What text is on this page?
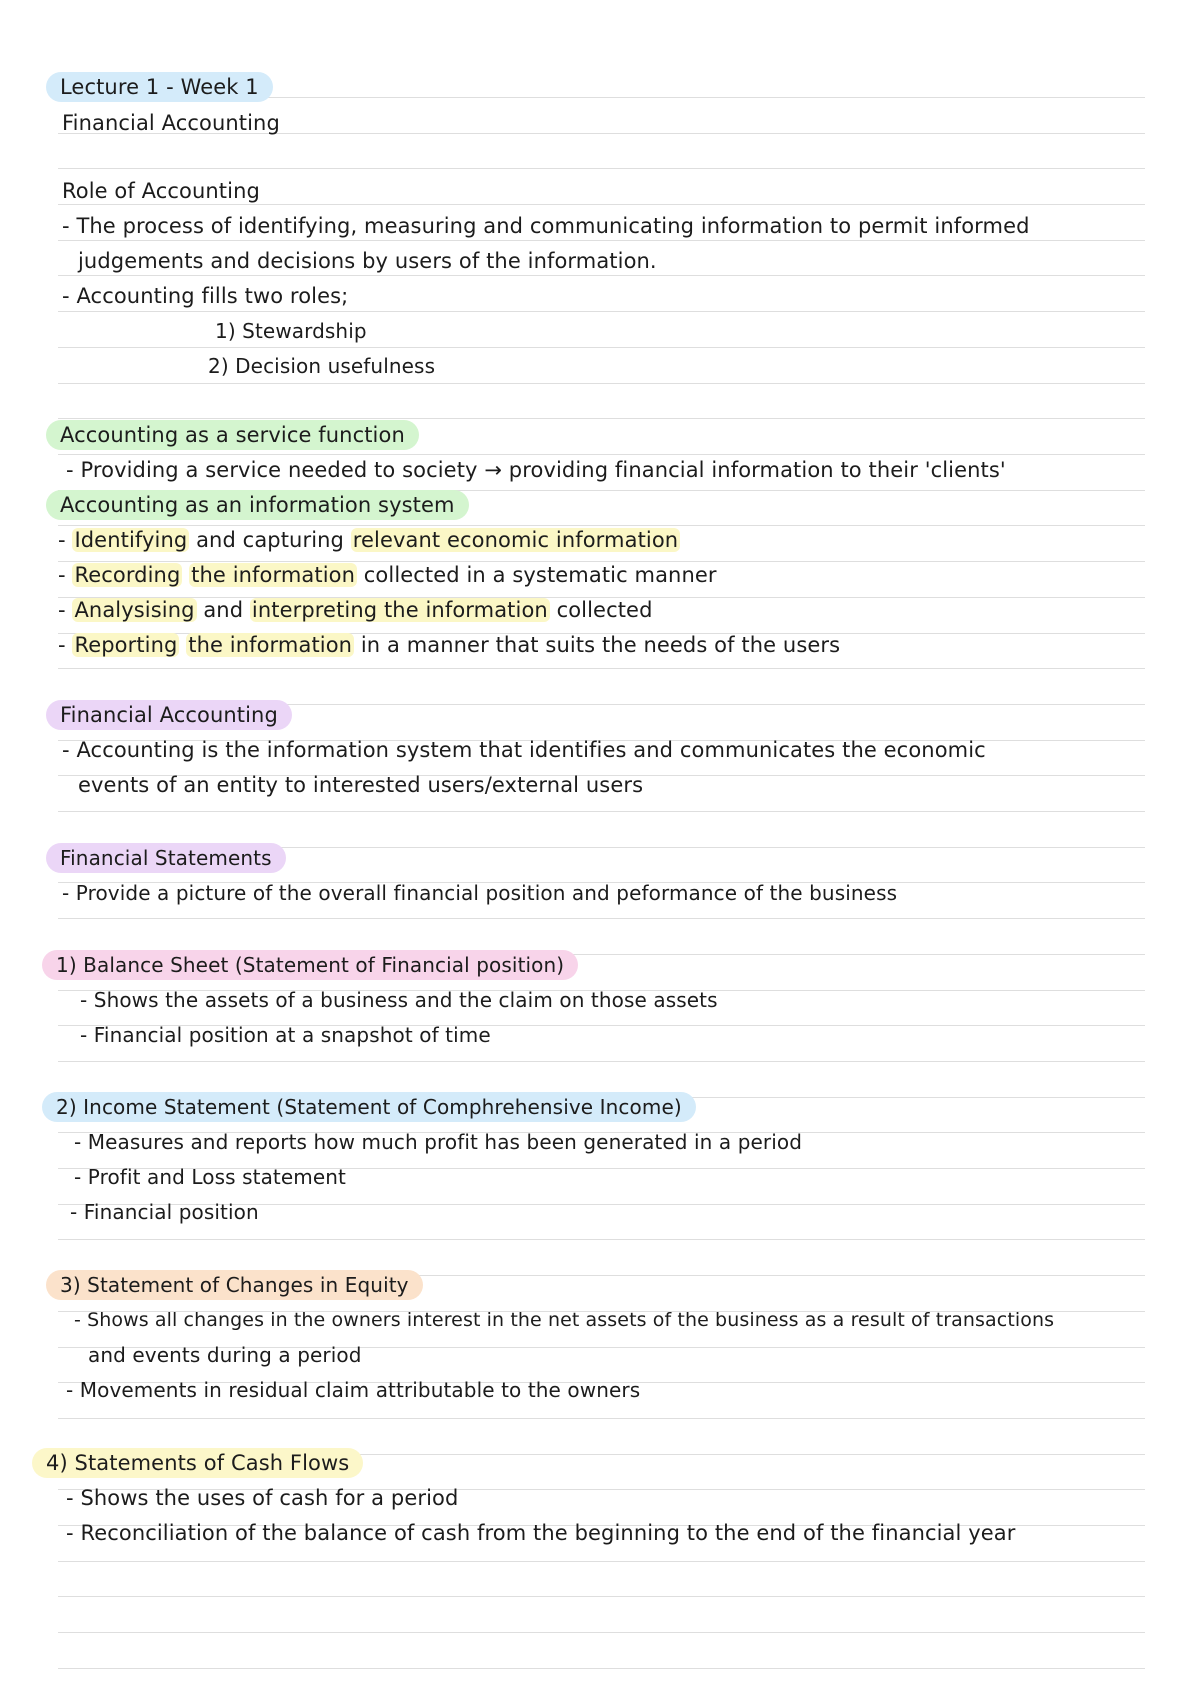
Lecture 1 - Week 1
Financial Accounting
Role of Accounting
- The process of identifying, measuring and communicating information to permit informed
judgements and decisions by users of the information.
- Accounting fills two roles;
1) Stewardship
2) Decision usefulness
Accounting as a service function
- Providing a service needed to society → providing financial information to their 'clients'
Accounting as an information system
- Identifying and capturing relevant economic information
- Recording the information collected in a systematic manner
- Analysising and interpreting the information collected
- Reporting the information in a manner that suits the needs of the users
Financial Accounting
- Accounting is the information system that identifies and communicates the economic
events of an entity to interested users/external users
Financial Statements
- Provide a picture of the overall financial position and peformance of the business
1) Balance Sheet (Statement of Financial position)
- Shows the assets of a business and the claim on those assets
- Financial position at a snapshot of time
2) Income Statement (Statement of Comphrehensive Income)
- Measures and reports how much profit has been generated in a period
- Profit and Loss statement
- Financial position
3) Statement of Changes in Equity
- Shows all changes in the owners interest in the net assets of the business as a result of transactions
and events during a period
- Movements in residual claim attributable to the owners
4) Statements of Cash Flows
- Shows the uses of cash for a period
- Reconciliation of the balance of cash from the beginning to the end of the financial year
